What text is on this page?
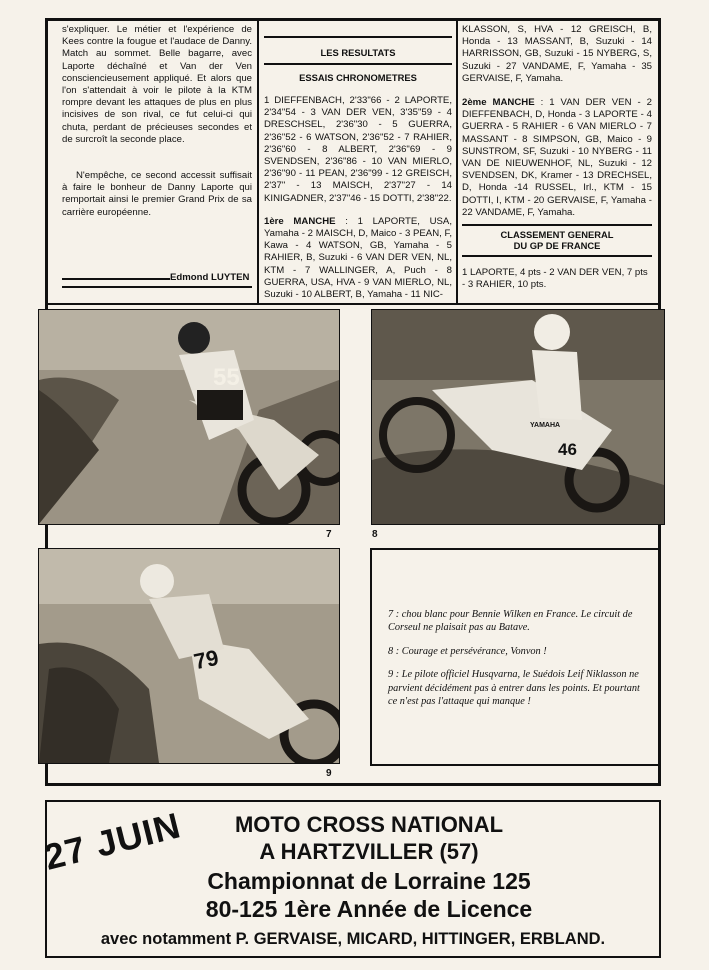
s'expliquer. Le métier et l'expérience de Kees contre la fougue et l'audace de Danny. Match au sommet. Belle bagarre, avec Laporte déchaîné et Van der Ven consciencieusement appliqué. Et alors que l'on s'attendait à voir le pilote à la KTM rompre devant les attaques de plus en plus incisives de son rival, ce fut celui-ci qui chuta, perdant de précieuses secondes et de surcroît la seconde place.

N'empêche, ce second accessit suffisait à faire le bonheur de Danny Laporte qui remportait ainsi le premier Grand Prix de sa carrière européenne.

Edmond LUYTEN
LES RESULTATS
ESSAIS CHRONOMETRES
1 DIEFFENBACH, 2'33"66 - 2 LAPORTE, 2'34"54 - 3 VAN DER VEN, 3'35"59 - 4 DRESCHSEL, 2'36"30 - 5 GUERRA, 2'36"52 - 6 WATSON, 2'36"52 - 7 RAHIER, 2'36"60 - 8 ALBERT, 2'36"69 - 9 SVENDSEN, 2'36"86 - 10 VAN MIERLO, 2'36"90 - 11 PEAN, 2'36"99 - 12 GREISCH, 2'37" - 13 MAISCH, 2'37"27 - 14 KINIGADNER, 2'37"46 - 15 DOTTI, 2'38"22.
1ère MANCHE : 1 LAPORTE, USA, Yamaha - 2 MAISCH, D, Maico - 3 PEAN, F, Kawa - 4 WATSON, GB, Yamaha - 5 RAHIER, B, Suzuki - 6 VAN DER VEN, NL, KTM - 7 WALLINGER, A, Puch - 8 GUERRA, USA, HVA - 9 VAN MIERLO, NL, Suzuki - 10 ALBERT, B, Yamaha - 11 NIC-
KLASSON, S, HVA - 12 GREISCH, B, Honda - 13 MASSANT, B, Suzuki - 14 HARRISSON, GB, Suzuki - 15 NYBERG, S, Suzuki - 27 VANDAME, F, Yamaha - 35 GERVAISE, F, Yamaha.
2ème MANCHE : 1 VAN DER VEN - 2 DIEFFENBACH, D, Honda - 3 LAPORTE - 4 GUERRA - 5 RAHIER - 6 VAN MIERLO - 7 MASSANT - 8 SIMPSON, GB, Maico - 9 SUNSTROM, SF, Suzuki - 10 NYBERG - 11 VAN DE NIEUWENHOF, NL, Suzuki - 12 SVENDSEN, DK, Kramer - 13 DRECHSEL, D, Honda -14 RUSSEL, Irl., KTM - 15 DOTTI, I, KTM - 20 GERVAISE, F, Yamaha - 22 VANDAME, F, Yamaha.
CLASSEMENT GENERAL
DU GP DE FRANCE
1 LAPORTE, 4 pts - 2 VAN DER VEN, 7 pts - 3 RAHIER, 10 pts.
55
7
YAMAHA
46
8
79
9

7 : chou blanc pour Bennie Wilken en France. Le circuit de Corseul ne plaisait pas au Batave.

8 : Courage et persévérance, Vonvon !

9 : Le pilote officiel Husqvarna, le Suédois Leif Niklasson ne parvient décidément pas à entrer dans les points. Et pourtant ce n'est pas l'attaque qui manque !

MOTO CROSS NATIONAL
A HARTZVILLER (57)
Championnat de Lorraine 125
80-125 1ère Année de Licence
avec notamment P. GERVAISE, MICARD, HITTINGER, ERBLAND.
27 JUIN
